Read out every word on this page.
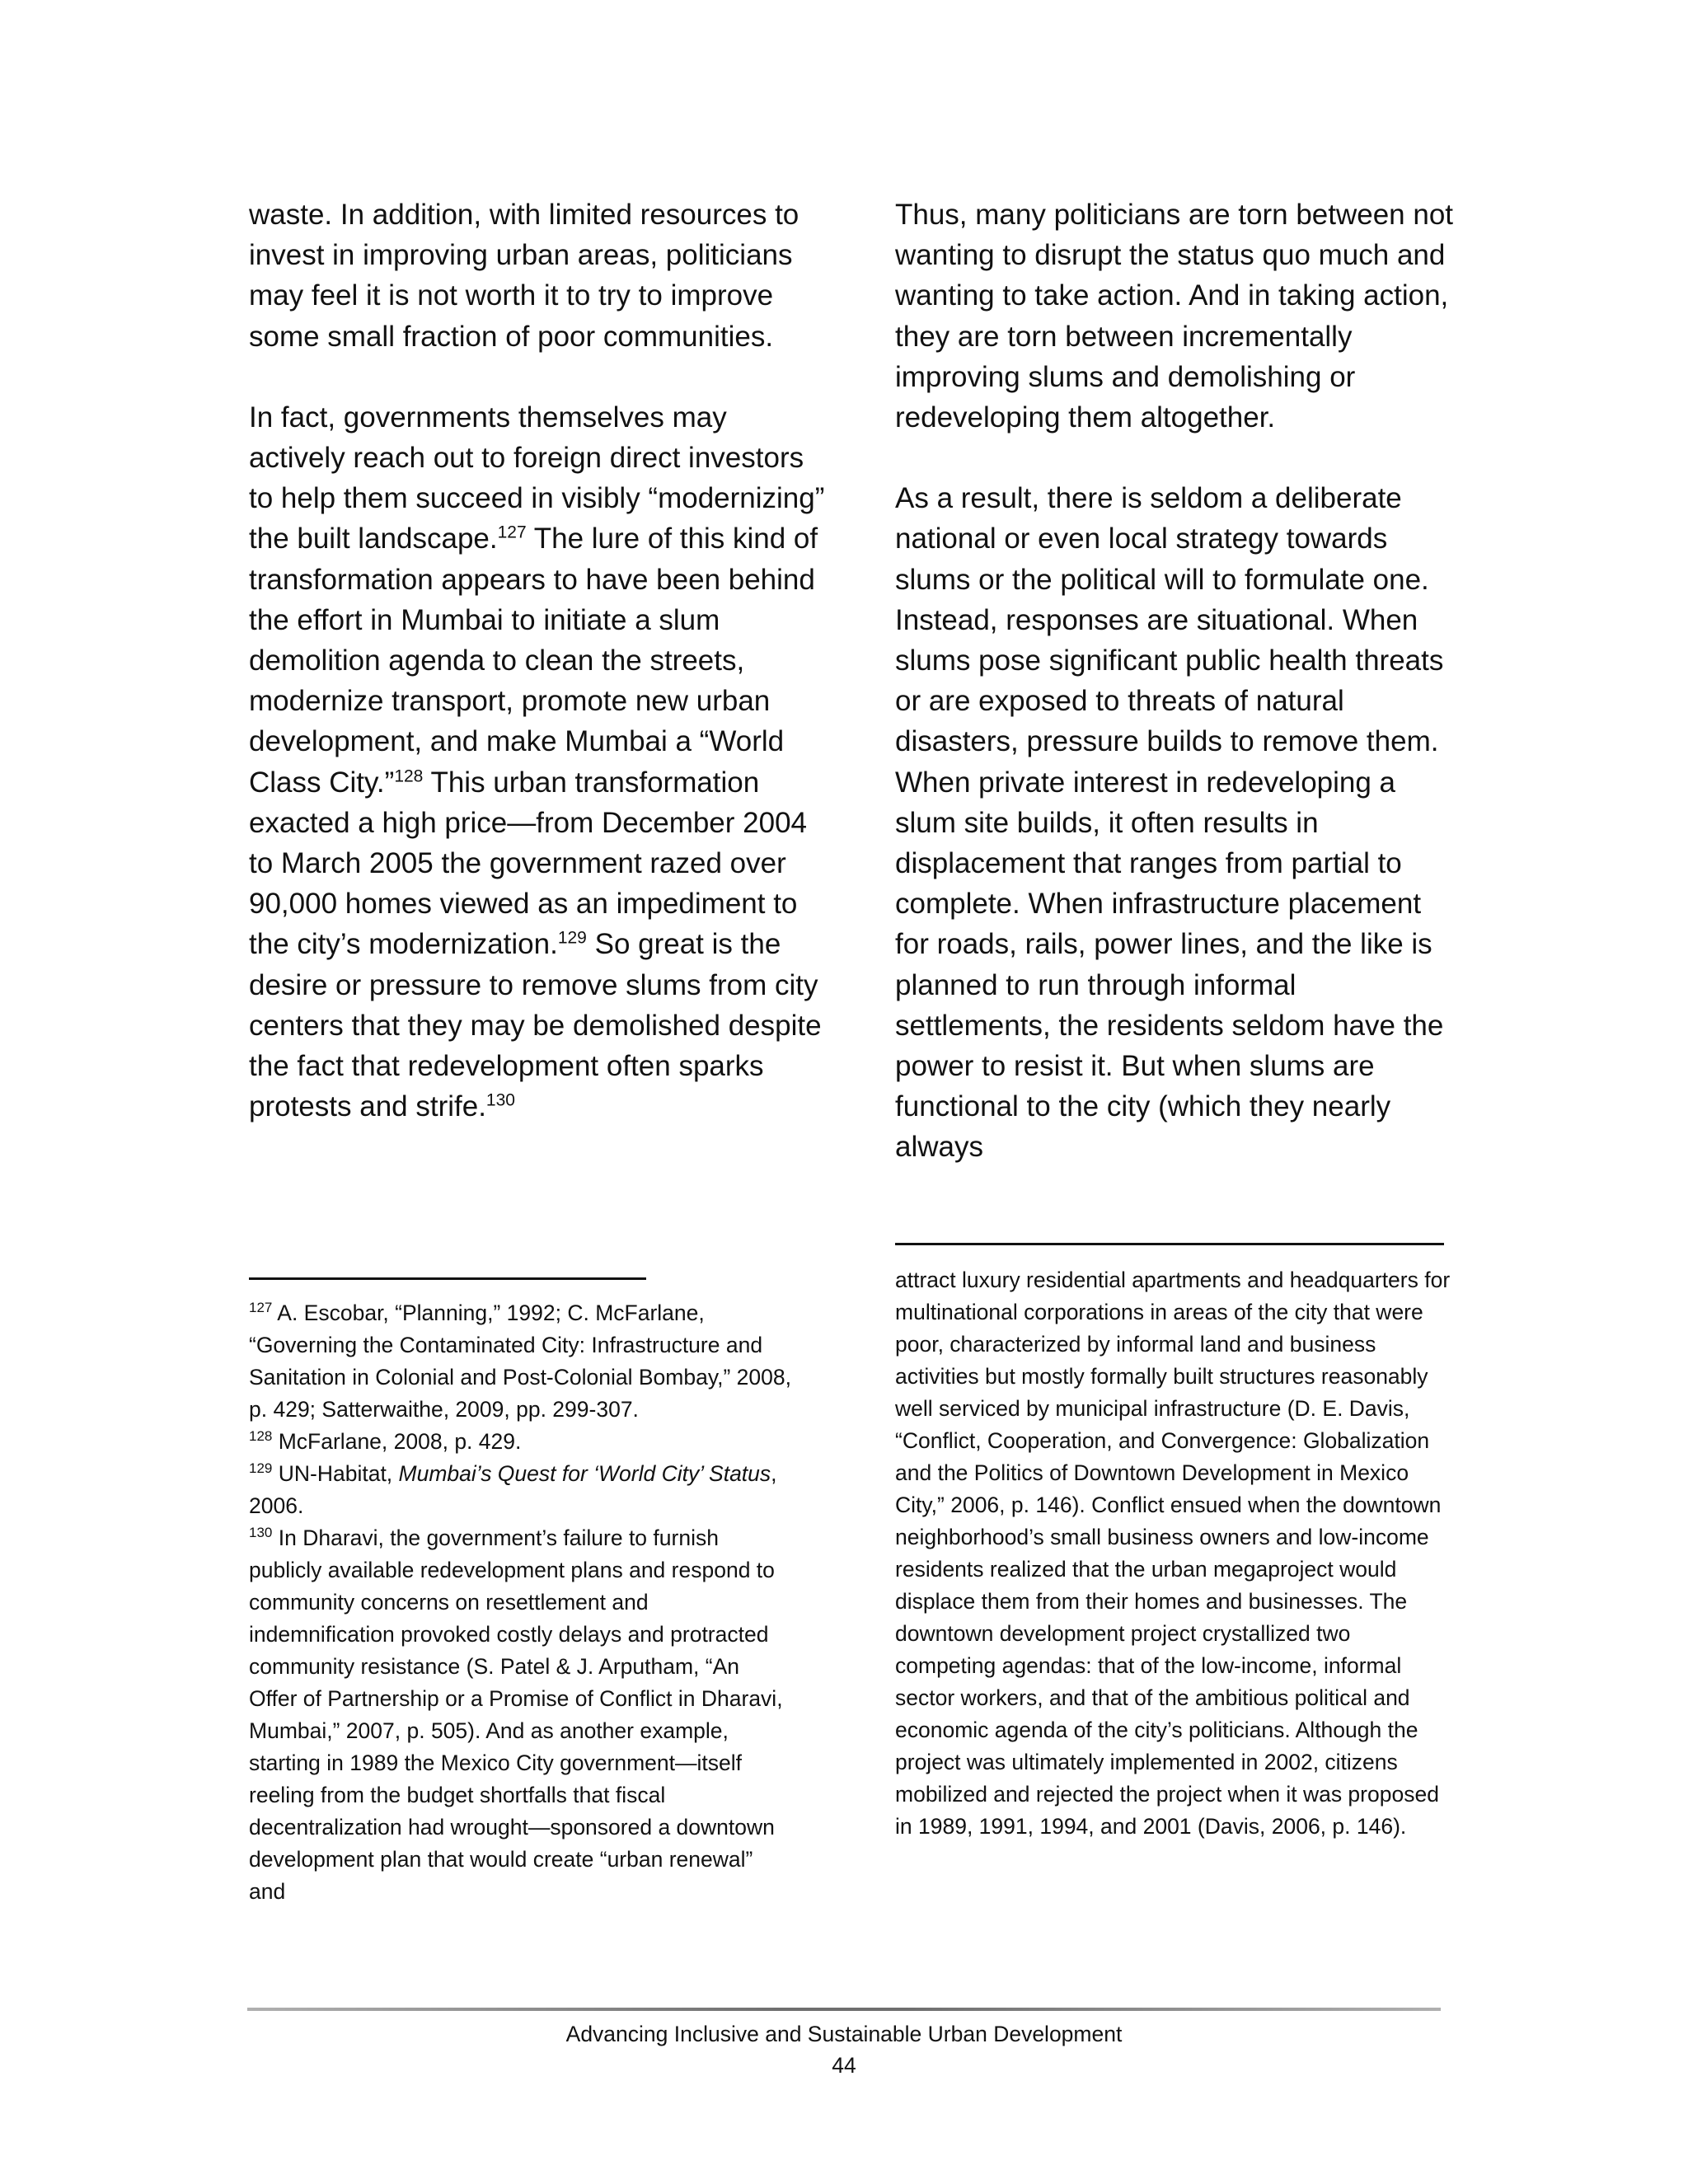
waste. In addition, with limited resources to invest in improving urban areas, politicians may feel it is not worth it to try to improve some small fraction of poor communities.

In fact, governments themselves may actively reach out to foreign direct investors to help them succeed in visibly “modernizing” the built landscape.$^{127}$ The lure of this kind of transformation appears to have been behind the effort in Mumbai to initiate a slum demolition agenda to clean the streets, modernize transport, promote new urban development, and make Mumbai a “World Class City.”$^{128}$ This urban transformation exacted a high price—from December 2004 to March 2005 the government razed over 90,000 homes viewed as an impediment to the city’s modernization.$^{129}$ So great is the desire or pressure to remove slums from city centers that they may be demolished despite the fact that redevelopment often sparks protests and strife.$^{130}$

Thus, many politicians are torn between not wanting to disrupt the status quo much and wanting to take action. And in taking action, they are torn between incrementally improving slums and demolishing or redeveloping them altogether.

As a result, there is seldom a deliberate national or even local strategy towards slums or the political will to formulate one. Instead, responses are situational. When slums pose significant public health threats or are exposed to threats of natural disasters, pressure builds to remove them. When private interest in redeveloping a slum site builds, it often results in displacement that ranges from partial to complete. When infrastructure placement for roads, rails, power lines, and the like is planned to run through informal settlements, the residents seldom have the power to resist it. But when slums are functional to the city (which they nearly always

$^{127}$ A. Escobar, “Planning,” 1992; C. McFarlane, “Governing the Contaminated City: Infrastructure and Sanitation in Colonial and Post-Colonial Bombay,” 2008, p. 429; Satterwaithe, 2009, pp. 299-307.

$^{128}$ McFarlane, 2008, p. 429.

$^{129}$ UN-Habitat, Mumbai’s Quest for ‘World City’ Status, 2006.

$^{130}$ In Dharavi, the government’s failure to furnish publicly available redevelopment plans and respond to community concerns on resettlement and indemnification provoked costly delays and protracted community resistance (S. Patel & J. Arputham, “An Offer of Partnership or a Promise of Conflict in Dharavi, Mumbai,” 2007, p. 505). And as another example, starting in 1989 the Mexico City government—itself reeling from the budget shortfalls that fiscal decentralization had wrought—sponsored a downtown development plan that would create “urban renewal” and

attract luxury residential apartments and headquarters for multinational corporations in areas of the city that were poor, characterized by informal land and business activities but mostly formally built structures reasonably well serviced by municipal infrastructure (D. E. Davis, “Conflict, Cooperation, and Convergence: Globalization and the Politics of Downtown Development in Mexico City,” 2006, p. 146). Conflict ensued when the downtown neighborhood’s small business owners and low-income residents realized that the urban megaproject would displace them from their homes and businesses. The downtown development project crystallized two competing agendas: that of the low-income, informal sector workers, and that of the ambitious political and economic agenda of the city’s politicians. Although the project was ultimately implemented in 2002, citizens mobilized and rejected the project when it was proposed in 1989, 1991, 1994, and 2001 (Davis, 2006, p. 146).

Advancing Inclusive and Sustainable Urban Development
44
